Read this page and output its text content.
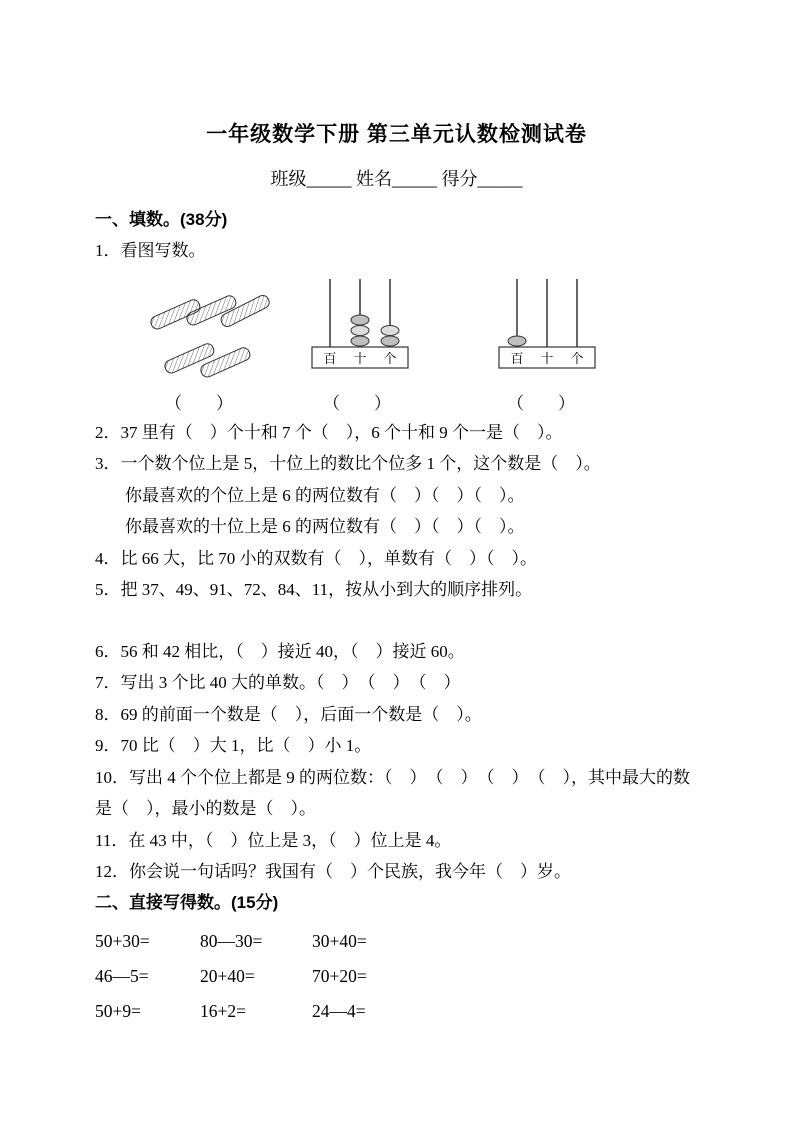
一年级数学下册 第三单元认数检测试卷
班级_____ 姓名_____ 得分_____
一、填数。(38分)
1．看图写数。
百 十 个	百 十 个
（　　）	（　　）	（　　）
2．37 里有（　）个十和 7 个（　），6 个十和 9 个一是（　）。
3．一个数个位上是 5，十位上的数比个位多 1 个，这个数是（　）。
你最喜欢的个位上是 6 的两位数有（　）（　）（　）。
你最喜欢的十位上是 6 的两位数有（　）（　）（　）。
4．比 66 大，比 70 小的双数有（　），单数有（　）（　）。
5．把 37、49、91、72、84、11，按从小到大的顺序排列。
6．56 和 42 相比，（　）接近 40，（　）接近 60。
7．写出 3 个比 40 大的单数。（　）　（　）　（　）
8．69 的前面一个数是（　），后面一个数是（　）。
9．70 比（　）大 1，比（　）小 1。
10．写出 4 个个位上都是 9 的两位数：（　）　（　）　（　）　（　），其中最大的数
是（　），最小的数是（　）。
11．在 43 中，（　）位上是 3，（　）位上是 4。
12．你会说一句话吗？我国有（　）个民族，我今年（　）岁。
二、直接写得数。(15分)
50+30=	80—30=	30+40=
46—5=	20+40=	70+20=
50+9=	16+2=	24—4=
